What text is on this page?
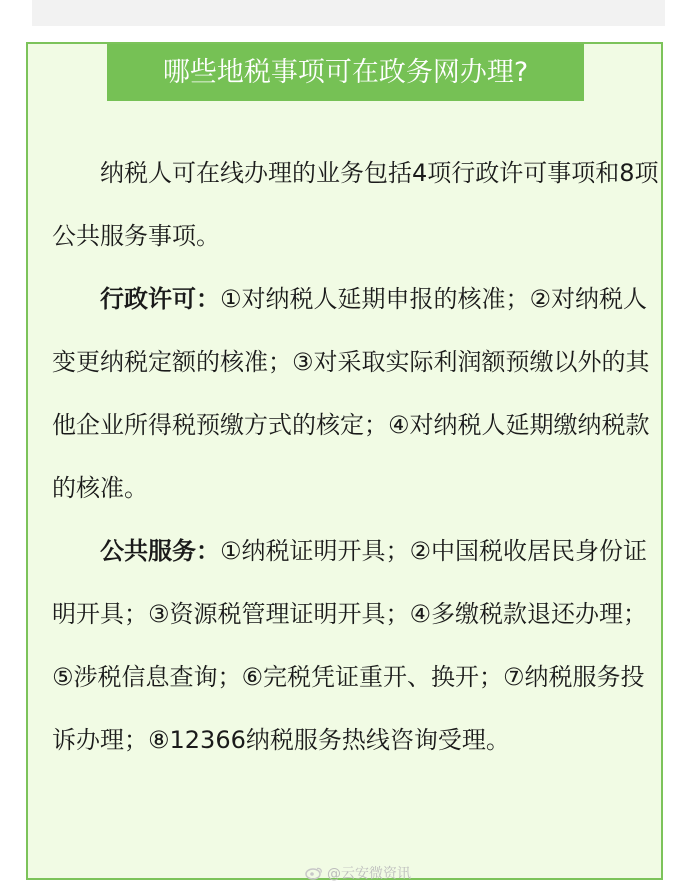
哪些地税事项可在政务网办理?

纳税人可在线办理的业务包括4项行政许可事项和8项公共服务事项。

行政许可：①对纳税人延期申报的核准；②对纳税人变更纳税定额的核准；③对采取实际利润额预缴以外的其他企业所得税预缴方式的核定；④对纳税人延期缴纳税款的核准。

公共服务：①纳税证明开具；②中国税收居民身份证明开具；③资源税管理证明开具；④多缴税款退还办理；⑤涉税信息查询；⑥完税凭证重开、换开；⑦纳税服务投诉办理；⑧12366纳税服务热线咨询受理。

@云安微资讯
